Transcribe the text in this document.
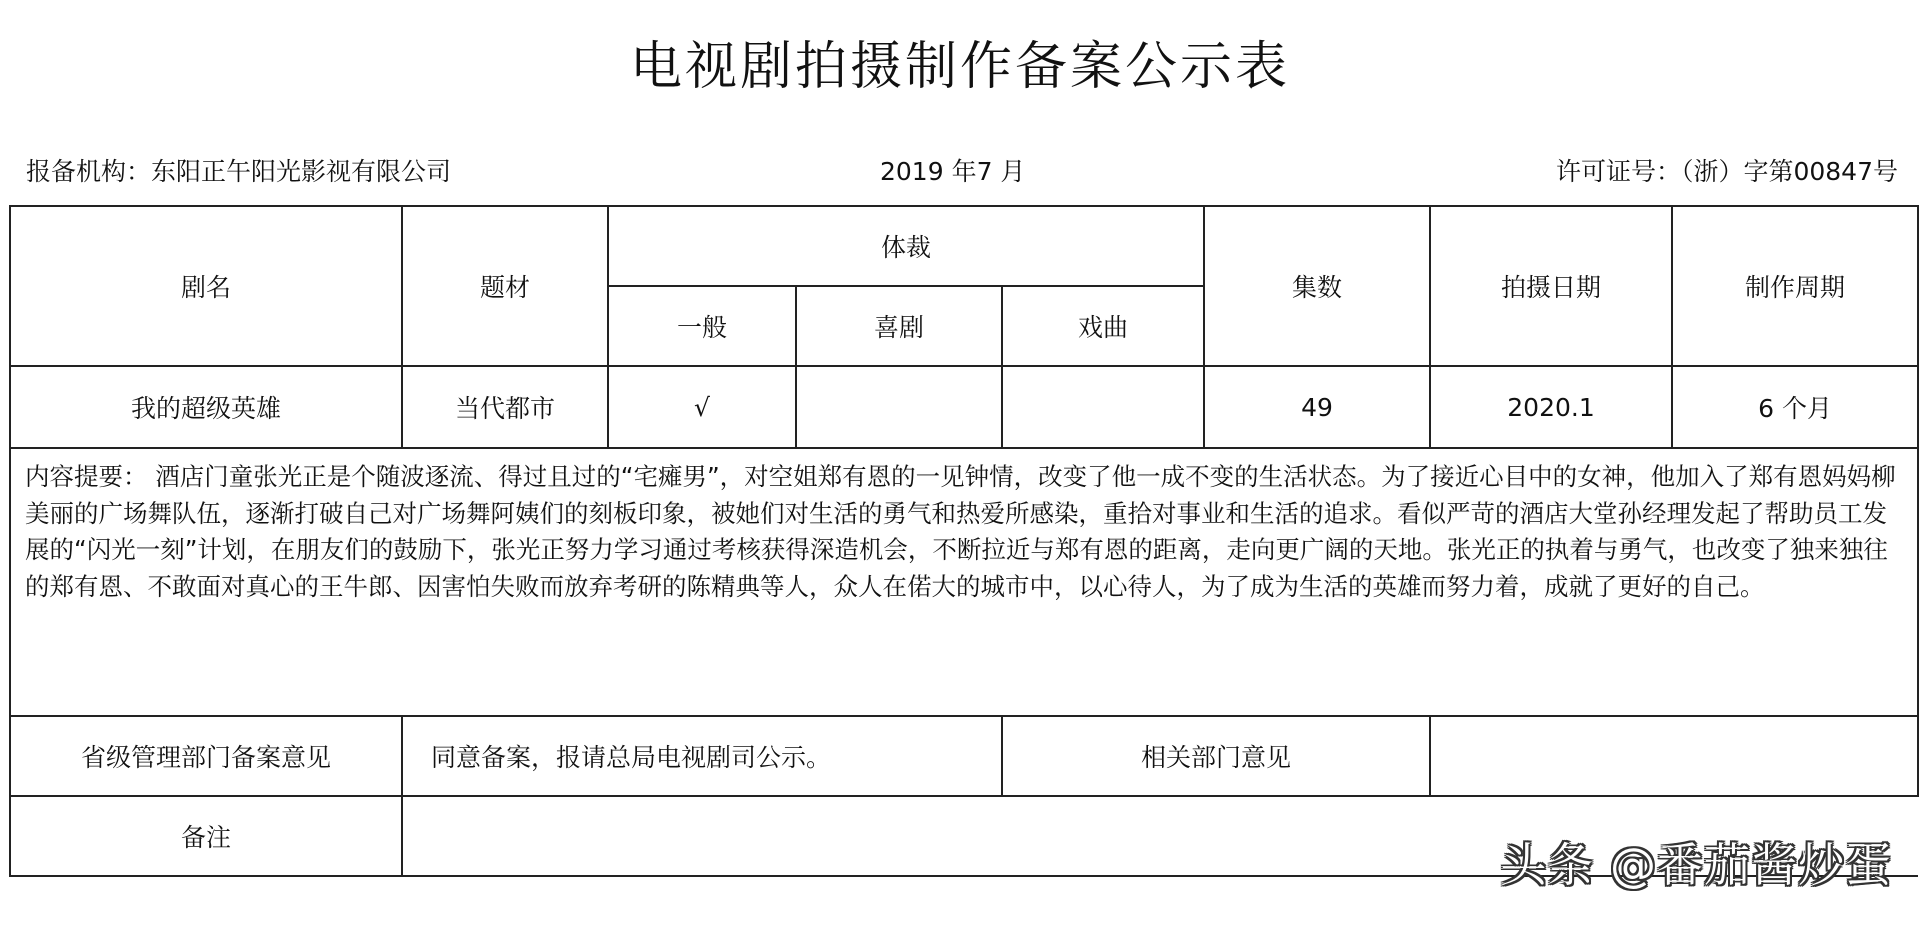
电视剧拍摄制作备案公示表
报备机构：东阳正午阳光影视有限公司	2019 年7 月	许可证号：（浙）字第00847号
剧名	题材	体裁			集数	拍摄日期	制作周期
		一般	喜剧	戏曲			
我的超级英雄	当代都市	√			49	2020.1	6 个月
内容提要： 酒店门童张光正是个随波逐流、得过且过的“宅瘫男”，对空姐郑有恩的一见钟情，改变了他一成不变的生活状态。为了接近心目中的女神，他加入了郑有恩妈妈柳美丽的广场舞队伍，逐渐打破自己对广场舞阿姨们的刻板印象，被她们对生活的勇气和热爱所感染，重拾对事业和生活的追求。看似严苛的酒店大堂孙经理发起了帮助员工发展的“闪光一刻”计划，在朋友们的鼓励下，张光正努力学习通过考核获得深造机会，不断拉近与郑有恩的距离，走向更广阔的天地。张光正的执着与勇气，也改变了独来独往的郑有恩、不敢面对真心的王牛郎、因害怕失败而放弃考研的陈精典等人，众人在偌大的城市中，以心待人，为了成为生活的英雄而努力着，成就了更好的自己。							
省级管理部门备案意见	同意备案，报请总局电视剧司公示。			相关部门意见			
备注							
头条 @番茄酱炒蛋
